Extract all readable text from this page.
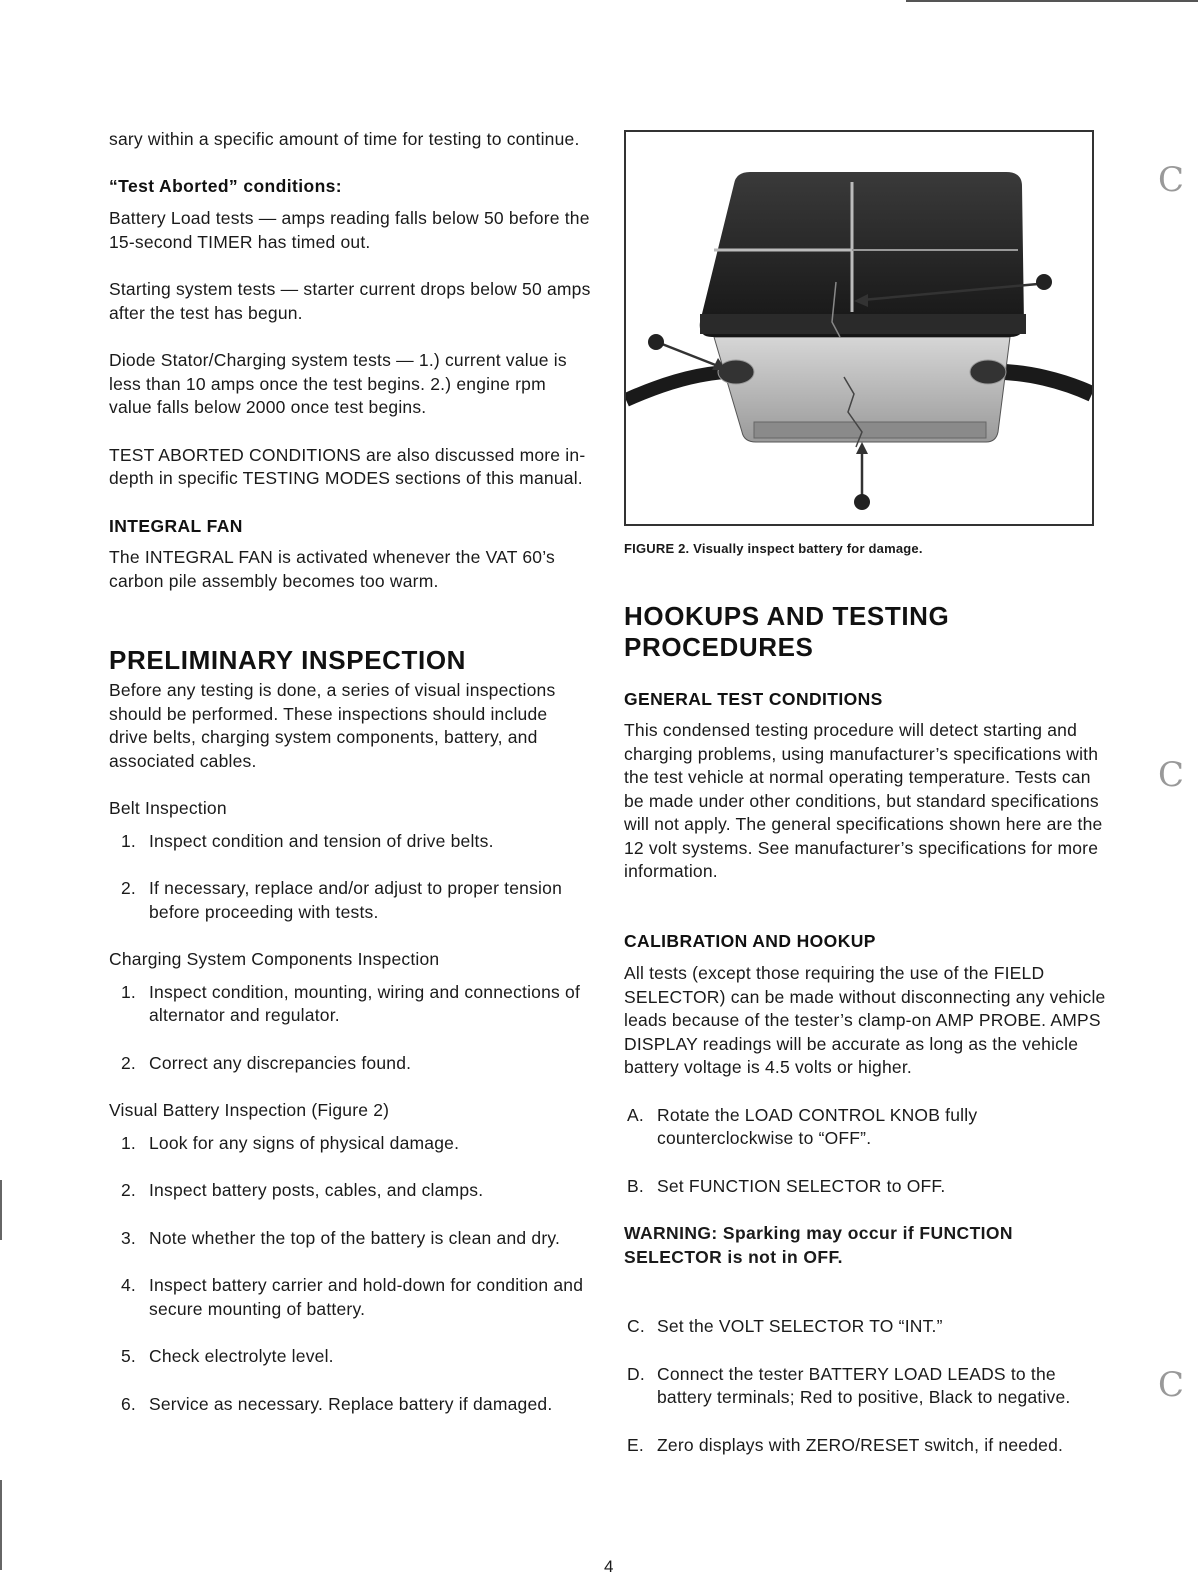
C
C
C

sary within a specific amount of time for testing to continue.

“Test Aborted” conditions:

Battery Load tests — amps reading falls below 50 before the 15-second TIMER has timed out.

Starting system tests — starter current drops below 50 amps after the test has begun.

Diode Stator/Charging system tests — 1.) current value is less than 10 amps once the test begins. 2.) engine rpm value falls below 2000 once test begins.

TEST ABORTED CONDITIONS are also discussed more in-depth in specific TESTING MODES sections of this manual.

INTEGRAL FAN

The INTEGRAL FAN is activated whenever the VAT 60’s carbon pile assembly becomes too warm.

PRELIMINARY INSPECTION

Before any testing is done, a series of visual inspections should be performed. These inspections should include drive belts, charging system components, battery, and associated cables.

Belt Inspection

1. Inspect condition and tension of drive belts.
2. If necessary, replace and/or adjust to proper tension before proceeding with tests.

Charging System Components Inspection

1. Inspect condition, mounting, wiring and connections of alternator and regulator.
2. Correct any discrepancies found.

Visual Battery Inspection (Figure 2)

1. Look for any signs of physical damage.
2. Inspect battery posts, cables, and clamps.
3. Note whether the top of the battery is clean and dry.
4. Inspect battery carrier and hold-down for condition and secure mounting of battery.
5. Check electrolyte level.
6. Service as necessary. Replace battery if damaged.

FIGURE 2. Visually inspect battery for damage.

HOOKUPS AND TESTING PROCEDURES

GENERAL TEST CONDITIONS

This condensed testing procedure will detect starting and charging problems, using manufacturer’s specifications with the test vehicle at normal operating temperature. Tests can be made under other conditions, but standard specifications will not apply. The general specifications shown here are the 12 volt systems. See manufacturer’s specifications for more information.

CALIBRATION AND HOOKUP

All tests (except those requiring the use of the FIELD SELECTOR) can be made without disconnecting any vehicle leads because of the tester’s clamp-on AMP PROBE. AMPS DISPLAY readings will be accurate as long as the vehicle battery voltage is 4.5 volts or higher.

A. Rotate the LOAD CONTROL KNOB fully counterclockwise to “OFF”.
B. Set FUNCTION SELECTOR to OFF.

WARNING: Sparking may occur if FUNCTION SELECTOR is not in OFF.

C. Set the VOLT SELECTOR TO “INT.”
D. Connect the tester BATTERY LOAD LEADS to the battery terminals; Red to positive, Black to negative.
E. Zero displays with ZERO/RESET switch, if needed.
4
